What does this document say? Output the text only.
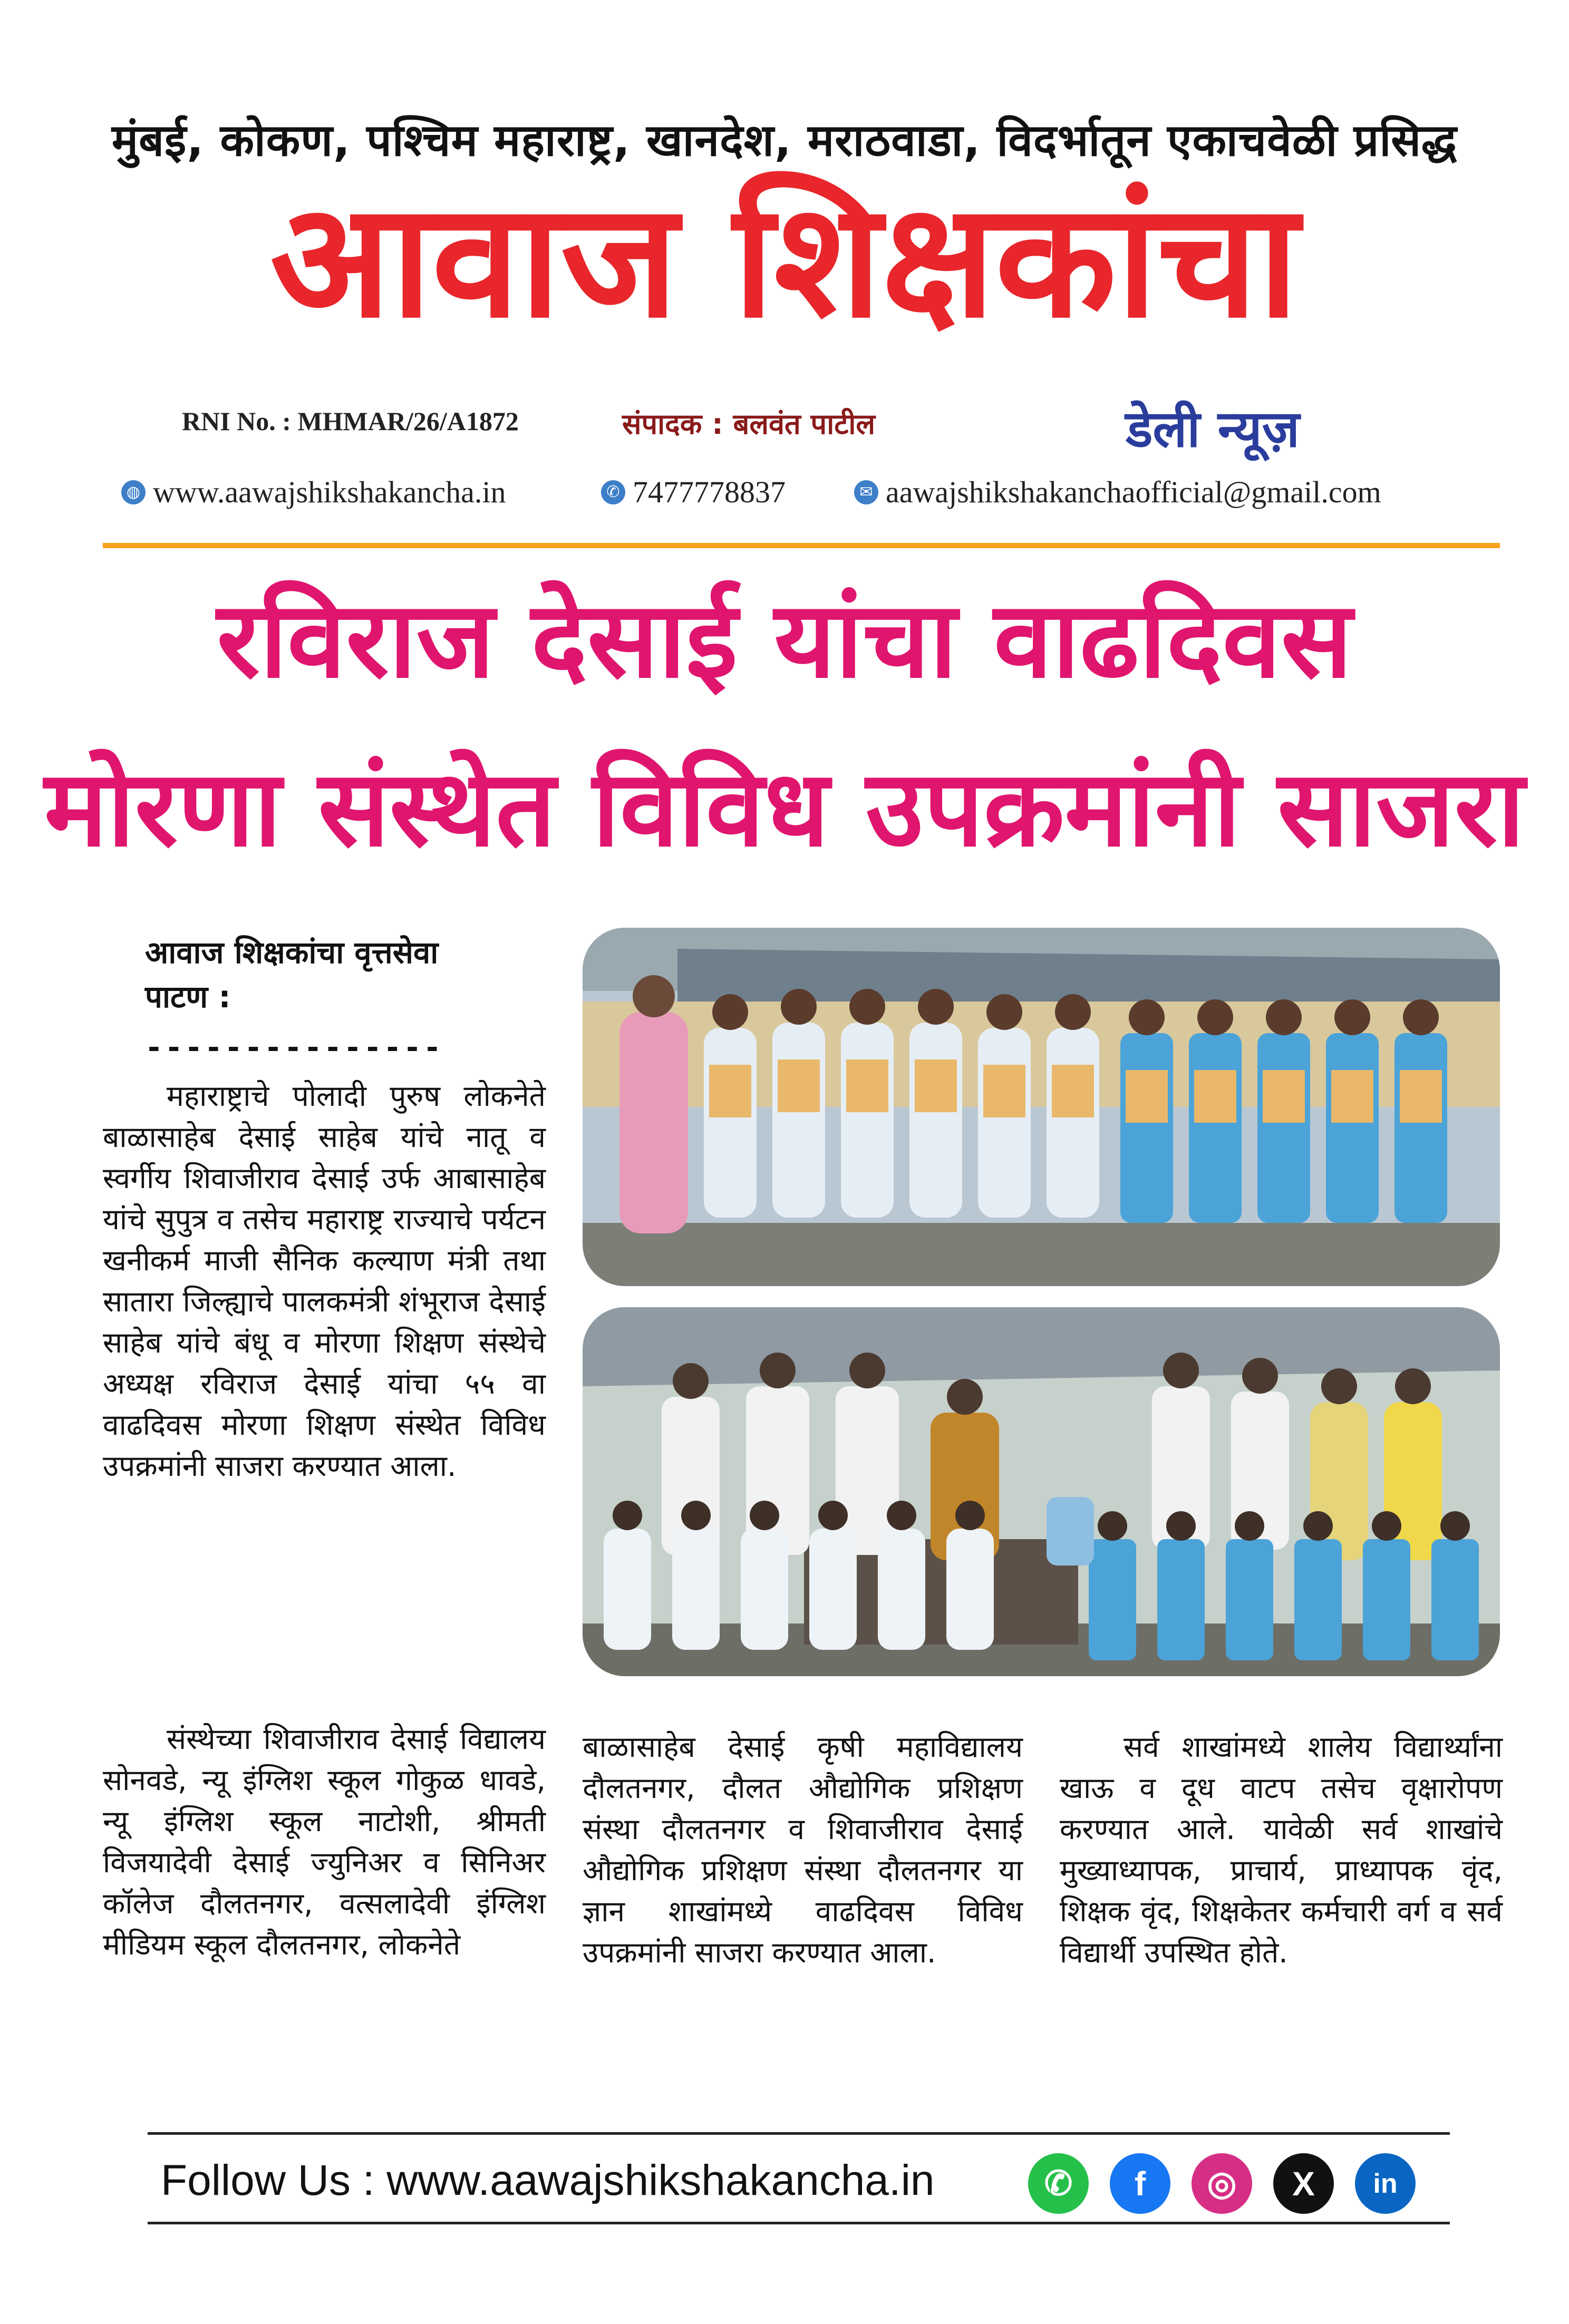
मुंबई, कोकण, पश्चिम महाराष्ट्र, खानदेश, मराठवाडा, विदर्भातून एकाचवेळी प्रसिद्ध
आवाज शिक्षकांचा
RNI No. : MHMAR/26/A1872	संपादक : बलवंत पाटील	डेली न्यूज़
◍ www.aawajshikshakancha.in	✆ 7477778837	✉ aawajshikshakanchaofficial@gmail.com
रविराज देसाई यांचा वाढदिवस
मोरणा संस्थेत विविध उपक्रमांनी साजरा
आवाज शिक्षकांचा वृत्तसेवा
पाटण :
---------------

महाराष्ट्राचे पोलादी पुरुष लोकनेते बाळासाहेब देसाई साहेब यांचे नातू व स्वर्गीय शिवाजीराव देसाई उर्फ आबासाहेब यांचे सुपुत्र व तसेच महाराष्ट्र राज्याचे पर्यटन खनीकर्म माजी सैनिक कल्याण मंत्री तथा सातारा जिल्ह्याचे पालकमंत्री शंभूराज देसाई साहेब यांचे बंधू व मोरणा शिक्षण संस्थेचे अध्यक्ष रविराज देसाई यांचा ५५ वा वाढदिवस मोरणा शिक्षण संस्थेत विविध उपक्रमांनी साजरा करण्यात आला.

संस्थेच्या शिवाजीराव देसाई विद्यालय सोनवडे, न्यू इंग्लिश स्कूल गोकुळ धावडे, न्यू इंग्लिश स्कूल नाटोशी, श्रीमती विजयादेवी देसाई ज्युनिअर व सिनिअर कॉलेज दौलतनगर, वत्सलादेवी इंग्लिश मीडियम स्कूल दौलतनगर, लोकनेते

बाळासाहेब देसाई कृषी महाविद्यालय दौलतनगर, दौलत औद्योगिक प्रशिक्षण संस्था दौलतनगर व शिवाजीराव देसाई औद्योगिक प्रशिक्षण संस्था दौलतनगर या ज्ञान शाखांमध्ये वाढदिवस विविध उपक्रमांनी साजरा करण्यात आला.

सर्व शाखांमध्ये शालेय विद्यार्थ्यांना खाऊ व दूध वाटप तसेच वृक्षारोपण करण्यात आले. यावेळी सर्व शाखांचे मुख्याध्यापक, प्राचार्य, प्राध्यापक वृंद, शिक्षक वृंद, शिक्षकेतर कर्मचारी वर्ग व सर्व विद्यार्थी उपस्थित होते.

Follow Us : www.aawajshikshakancha.in	✆	f	◎	X	in
